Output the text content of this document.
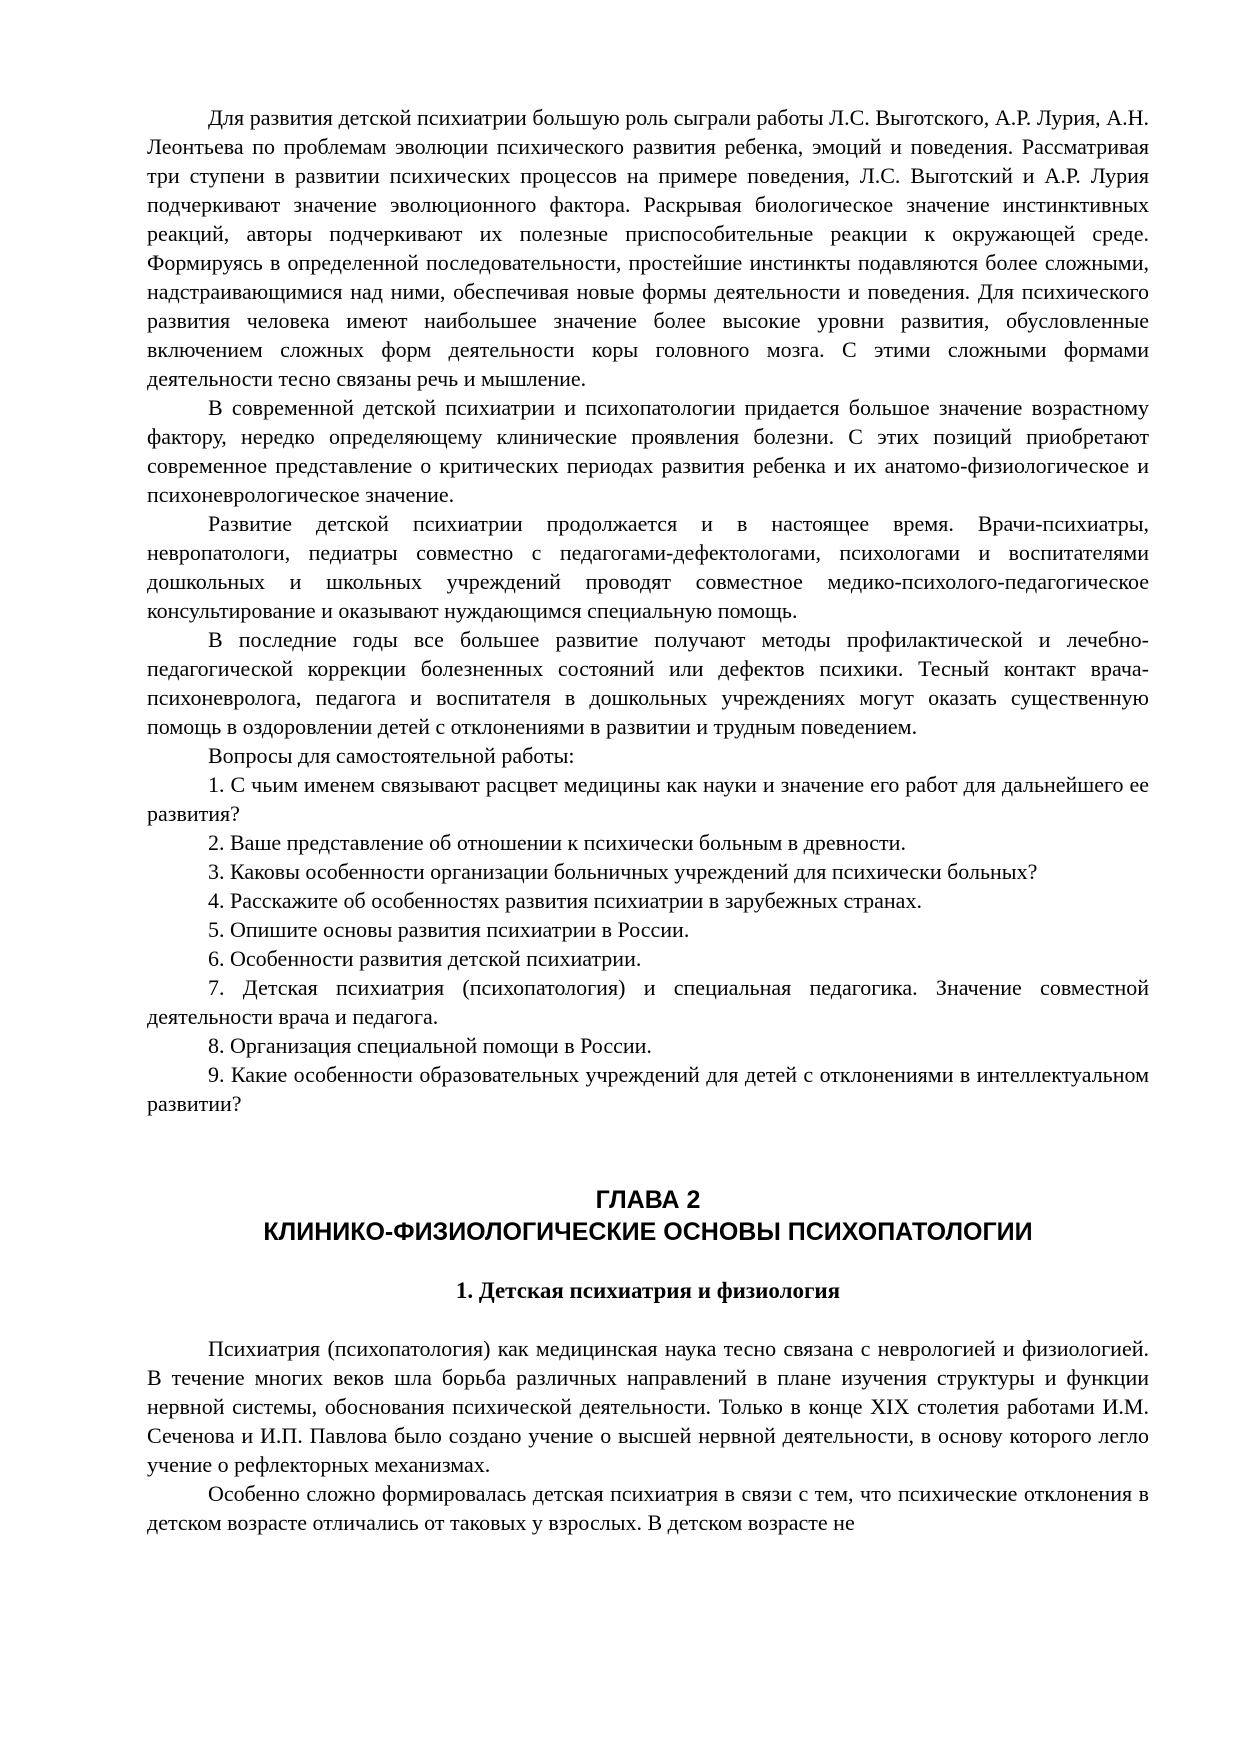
Для развития детской психиатрии большую роль сыграли работы Л.С. Выготского, А.Р. Лурия, А.Н. Леонтьева по проблемам эволюции психического развития ребенка, эмоций и поведения. Рассматривая три ступени в развитии психических процессов на примере поведения, Л.С. Выготский и А.Р. Лурия подчеркивают значение эволюционного фактора. Раскрывая биологическое значение инстинктивных реакций, авторы подчеркивают их полезные приспособительные реакции к окружающей среде. Формируясь в определенной последовательности, простейшие инстинкты подавляются более сложными, надстраивающимися над ними, обеспечивая новые формы деятельности и поведения. Для психического развития человека имеют наибольшее значение более высокие уровни развития, обусловленные включением сложных форм деятельности коры головного мозга. С этими сложными формами деятельности тесно связаны речь и мышление.

В современной детской психиатрии и психопатологии придается большое значение возрастному фактору, нередко определяющему клинические проявления болезни. С этих позиций приобретают современное представление о критических периодах развития ребенка и их анатомо-физиологическое и психоневрологическое значение.

Развитие детской психиатрии продолжается и в настоящее время. Врачи-психиатры, невропатологи, педиатры совместно с педагогами-дефектологами, психологами и воспитателями дошкольных и школьных учреждений проводят совместное медико-психолого-педагогическое консультирование и оказывают нуждающимся специальную помощь.

В последние годы все большее развитие получают методы профилактической и лечебно-педагогической коррекции болезненных состояний или дефектов психики. Тесный контакт врача-психоневролога, педагога и воспитателя в дошкольных учреждениях могут оказать существенную помощь в оздоровлении детей с отклонениями в развитии и трудным поведением.

Вопросы для самостоятельной работы:

1. С чьим именем связывают расцвет медицины как науки и значение его работ для дальнейшего ее развития?

2. Ваше представление об отношении к психически больным в древности.

3. Каковы особенности организации больничных учреждений для психически больных?

4. Расскажите об особенностях развития психиатрии в зарубежных странах.

5. Опишите основы развития психиатрии в России.

6. Особенности развития детской психиатрии.

7. Детская психиатрия (психопатология) и специальная педагогика. Значение совместной деятельности врача и педагога.

8. Организация специальной помощи в России.

9. Какие особенности образовательных учреждений для детей с отклонениями в интеллектуальном развитии?

ГЛАВА 2
КЛИНИКО-ФИЗИОЛОГИЧЕСКИЕ ОСНОВЫ ПСИХОПАТОЛОГИИ
1. Детская психиатрия и физиология

Психиатрия (психопатология) как медицинская наука тесно связана с неврологией и физиологией. В течение многих веков шла борьба различных направлений в плане изучения структуры и функции нервной системы, обоснования психической деятельности. Только в конце XIX столетия работами И.М. Сеченова и И.П. Павлова было создано учение о высшей нервной деятельности, в основу которого легло учение о рефлекторных механизмах.

Особенно сложно формировалась детская психиатрия в связи с тем, что психические отклонения в детском возрасте отличались от таковых у взрослых. В детском возрасте не
